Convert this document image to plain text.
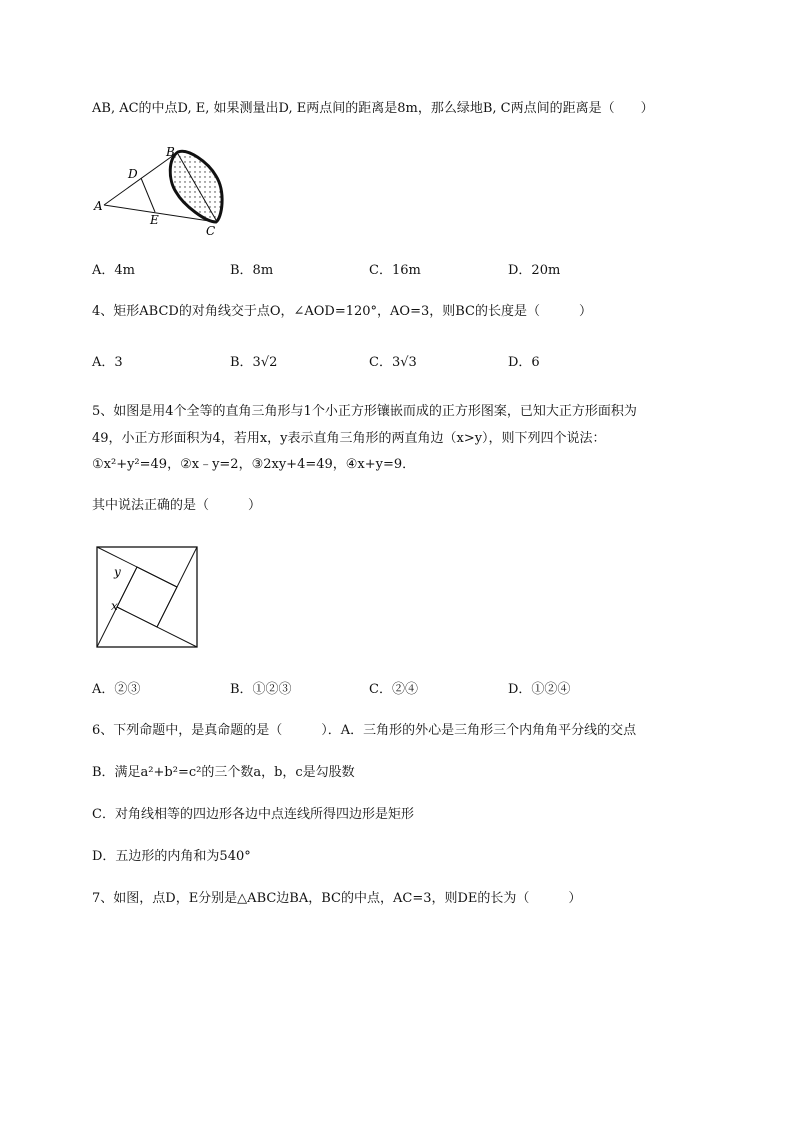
AB, AC的中点D, E, 如果测量出D, E两点间的距离是8m，那么绿地B, C两点间的距离是（　　）
A
B
C
D
E
A．4m	B．8m	C．16m	D．20m
4、矩形ABCD的对角线交于点O，∠AOD=120°，AO=3，则BC的长度是（　　　）
A．3	B．3√2	C．3√3	D．6
5、如图是用4个全等的直角三角形与1个小正方形镶嵌而成的正方形图案，已知大正方形面积为
49，小正方形面积为4，若用x，y表示直角三角形的两直角边（x>y），则下列四个说法：
①x²+y²=49，②x﹣y=2，③2xy+4=49，④x+y=9．
其中说法正确的是（　　　）
y
x
A．②③	B．①②③	C．②④	D．①②④
6、下列命题中，是真命题的是（　　　）．A．三角形的外心是三角形三个内角角平分线的交点
B．满足a²+b²=c²的三个数a，b，c是勾股数
C．对角线相等的四边形各边中点连线所得四边形是矩形
D．五边形的内角和为540°
7、如图，点D，E分别是△ABC边BA，BC的中点，AC=3，则DE的长为（　　　）
